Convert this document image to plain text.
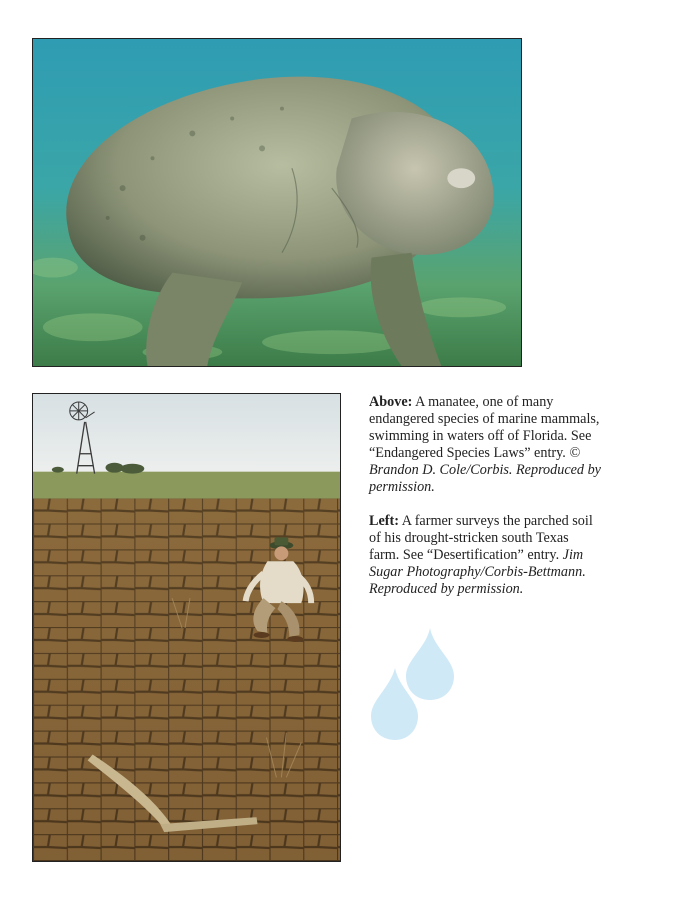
Above: A manatee, one of many endangered species of marine mammals, swimming in waters off of Florida. See “Endangered Species Laws” entry. © Brandon D. Cole/Corbis. Reproduced by permission.

Left: A farmer surveys the parched soil of his drought-stricken south Texas farm. See “Desertification” entry. Jim Sugar Photography/Corbis-Bettmann. Reproduced by permission.
